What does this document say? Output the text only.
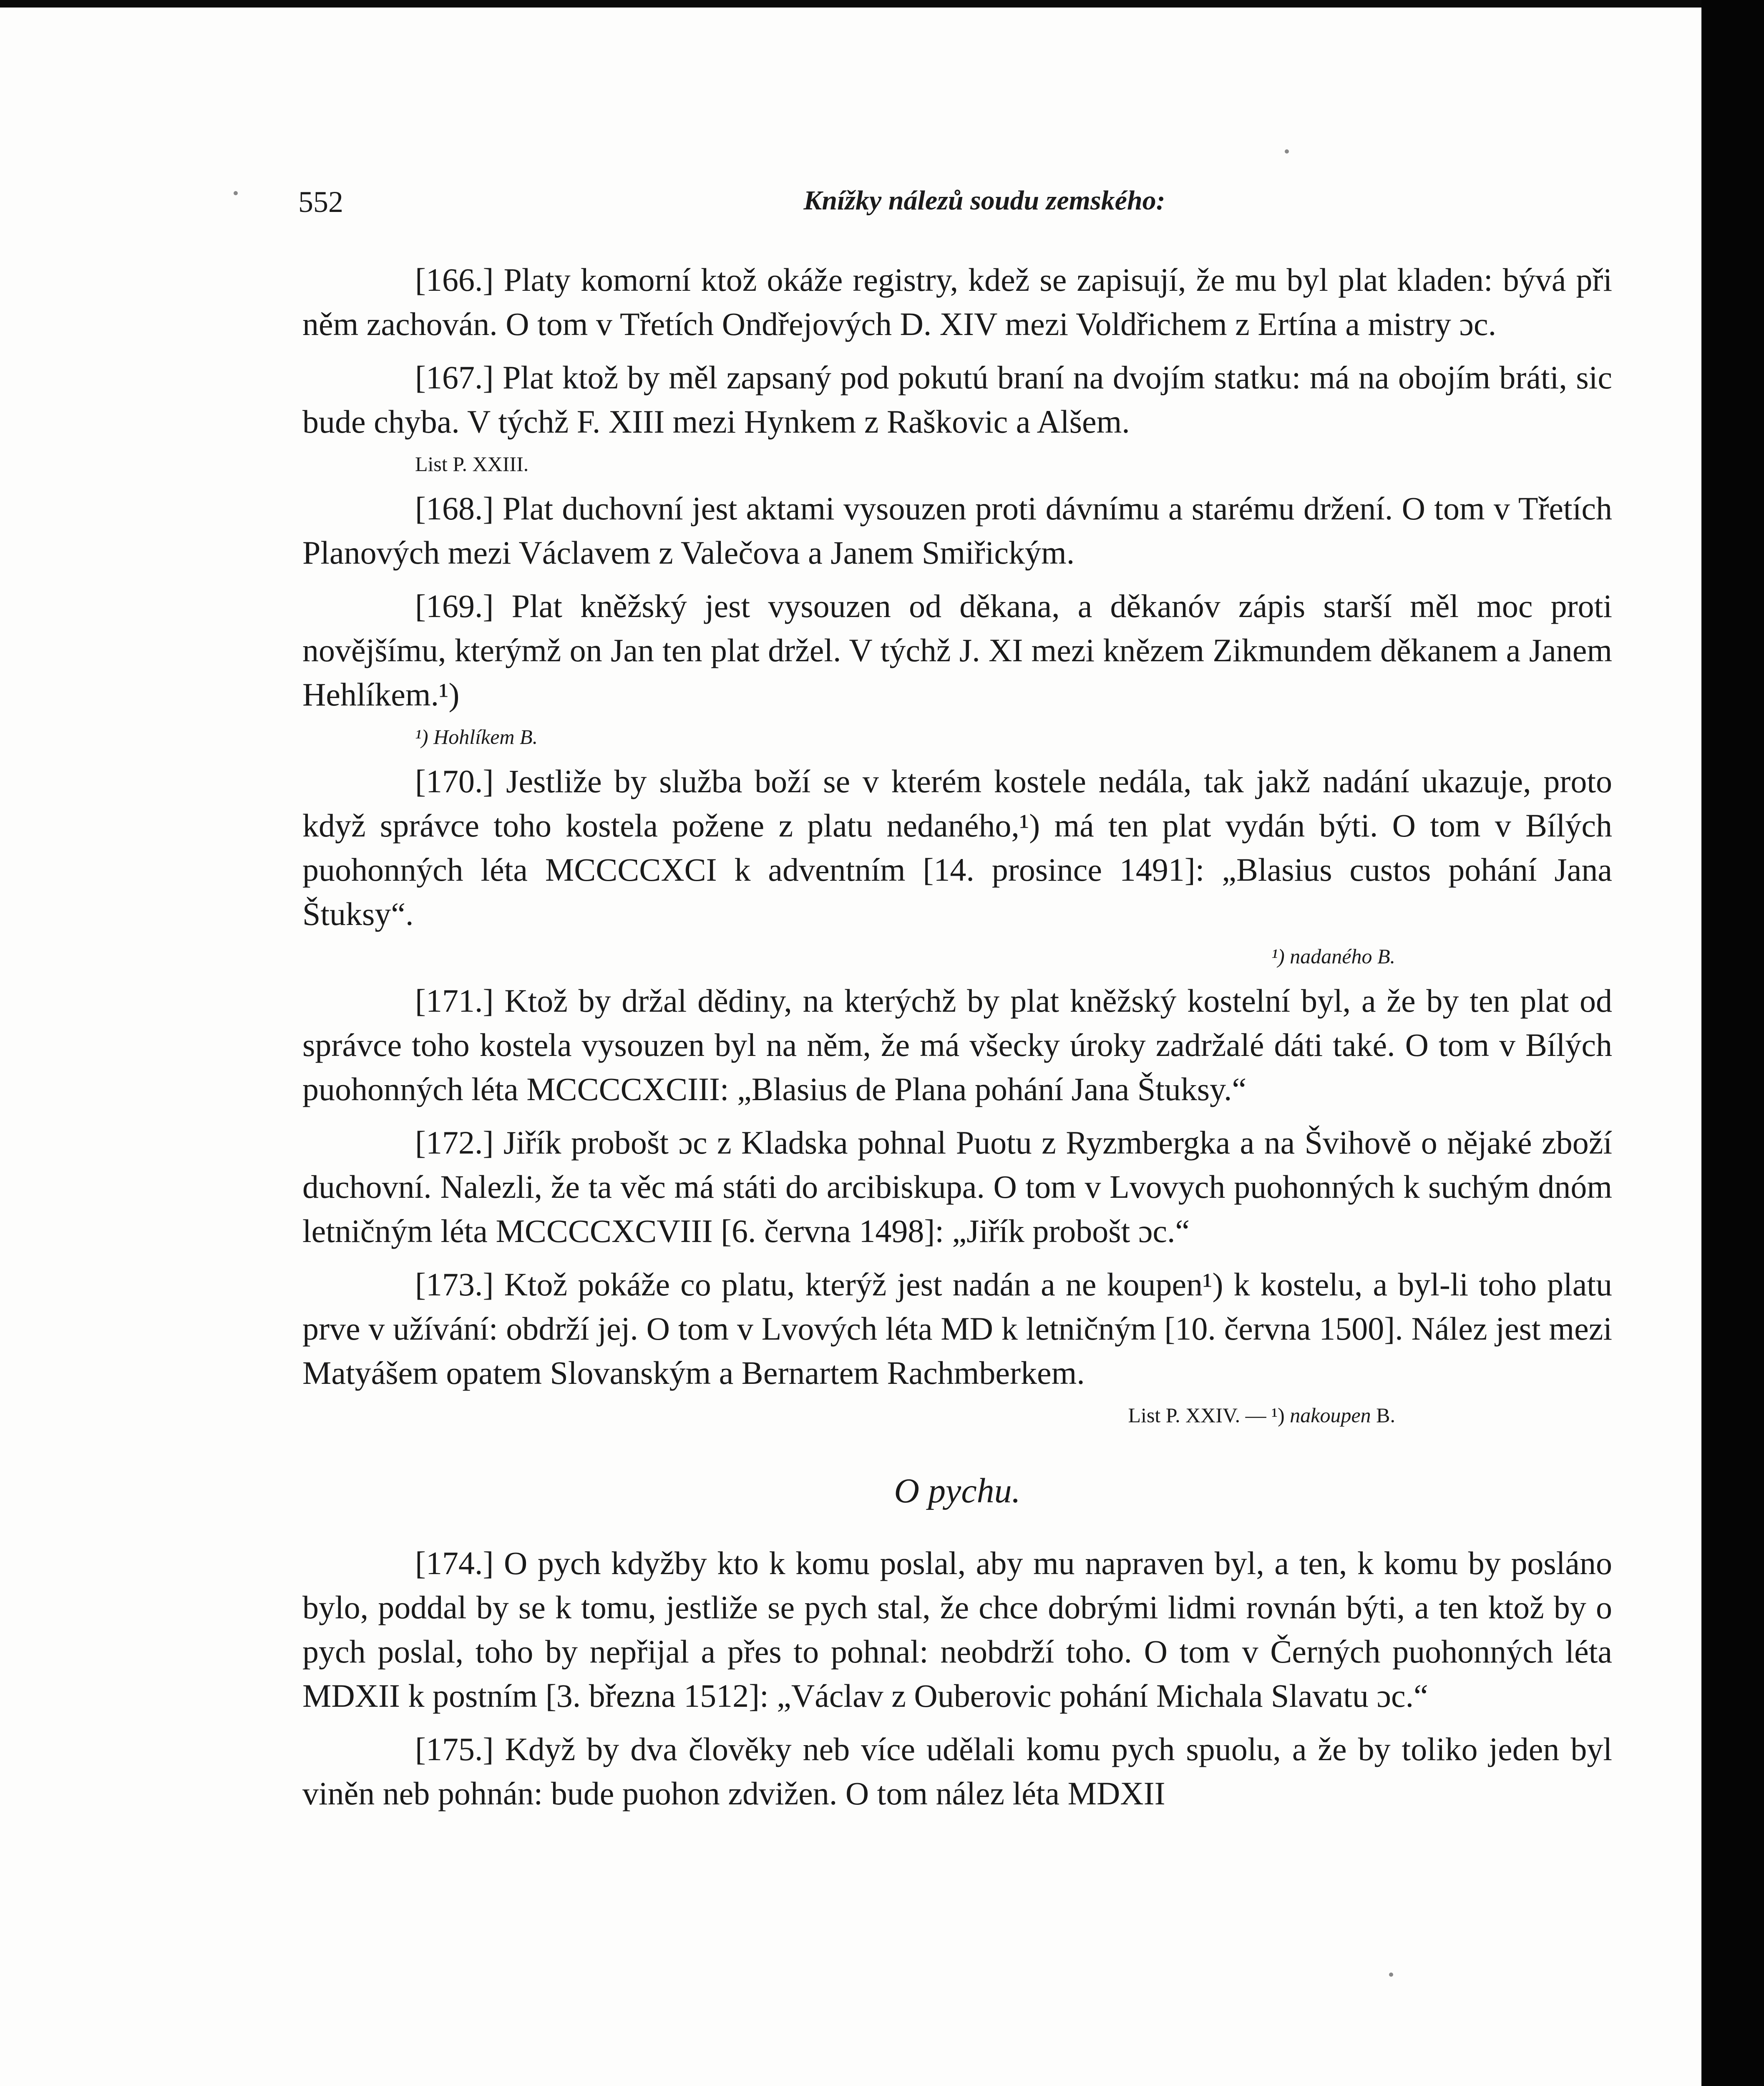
552	Knížky nálezů soudu zemského:

[166.] Platy komorní ktož okáže registry, kdež se zapisují, že mu byl plat kladen: bývá při něm zachován. O tom v Třetích Ondřejových D. XIV mezi Voldřichem z Ertína a mistry ɔc.

[167.] Plat ktož by měl zapsaný pod pokutú braní na dvojím statku: má na obojím bráti, sic bude chyba. V týchž F. XIII mezi Hynkem z Raškovic a Alšem.

List P. XXIII.

[168.] Plat duchovní jest aktami vysouzen proti dávnímu a starému držení. O tom v Třetích Planových mezi Václavem z Valečova a Janem Smiřickým.

[169.] Plat kněžský jest vysouzen od děkana, a děkanóv zápis starší měl moc proti novějšímu, kterýmž on Jan ten plat držel. V týchž J. XI mezi knězem Zikmundem děkanem a Janem Hehlíkem.¹)

¹) Hohlíkem B.

[170.] Jestliže by služba boží se v kterém kostele nedála, tak jakž nadání ukazuje, proto když správce toho kostela požene z platu nedaného,¹) má ten plat vydán býti. O tom v Bílých puohonných léta MCCCCXCI k adventním [14. prosince 1491]: „Blasius custos pohání Jana Štuksy“.

¹) nadaného B.

[171.] Ktož by držal dědiny, na kterýchž by plat kněžský kostelní byl, a že by ten plat od správce toho kostela vysouzen byl na něm, že má všecky úroky zadržalé dáti také. O tom v Bílých puohonných léta MCCCCXCIII: „Blasius de Plana pohání Jana Štuksy.“

[172.] Jiřík probošt ɔc z Kladska pohnal Puotu z Ryzmbergka a na Švihově o nějaké zboží duchovní. Nalezli, že ta věc má státi do arcibiskupa. O tom v Lvovych puohonných k suchým dnóm letničným léta MCCCCXCVIII [6. června 1498]: „Jiřík probošt ɔc.“

[173.] Ktož pokáže co platu, kterýž jest nadán a ne koupen¹) k kostelu, a byl-li toho platu prve v užívání: obdrží jej. O tom v Lvových léta MD k letničným [10. června 1500]. Nález jest mezi Matyášem opatem Slovanským a Bernartem Rachmberkem.

List P. XXIV. — ¹) nakoupen B.
O pychu.

[174.] O pych kdyžby kto k komu poslal, aby mu napraven byl, a ten, k komu by posláno bylo, poddal by se k tomu, jestliže se pych stal, že chce dobrými lidmi rovnán býti, a ten ktož by o pych poslal, toho by nepřijal a přes to pohnal: neobdrží toho. O tom v Černých puohonných léta MDXII k postním [3. března 1512]: „Václav z Ouberovic pohání Michala Slavatu ɔc.“

[175.] Když by dva člověky neb více udělali komu pych spuolu, a že by toliko jeden byl viněn neb pohnán: bude puohon zdvižen. O tom nález léta MDXII
